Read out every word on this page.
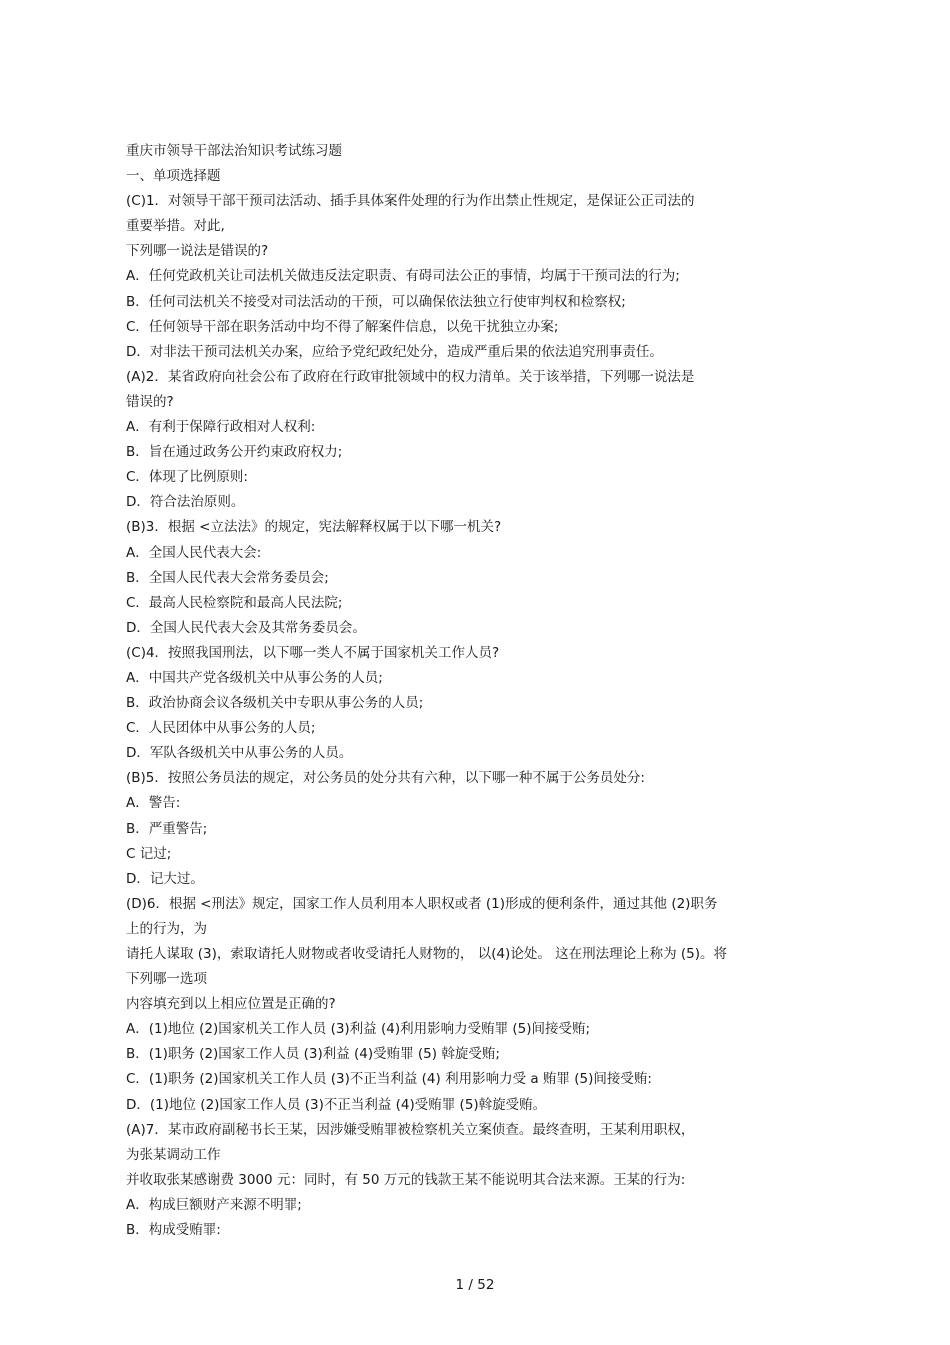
重庆市领导干部法治知识考试练习题
一、单项选择题
(C)1．对领导干部干预司法活动、插手具体案件处理的行为作出禁止性规定，是保证公正司法的
重要举措。对此,
下列哪一说法是错误的?
A．任何党政机关让司法机关做违反法定职责、有碍司法公正的事情，均属于干预司法的行为;
B．任何司法机关不接受对司法活动的干预，可以确保依法独立行使审判权和检察权;
C．任何领导干部在职务活动中均不得了解案件信息，以免干扰独立办案;
D．对非法干预司法机关办案，应给予党纪政纪处分，造成严重后果的依法追究刑事责任。
(A)2．某省政府向社会公布了政府在行政审批领域中的权力清单。关于该举措，下列哪一说法是
错误的?
A．有利于保障行政相对人权利:
B．旨在通过政务公开约束政府权力;
C．体现了比例原则:
D．符合法治原则。
(B)3．根据 <立法法》的规定，宪法解释权属于以下哪一机关?
A．全国人民代表大会:
B．全国人民代表大会常务委员会;
C．最高人民检察院和最高人民法院;
D．全国人民代表大会及其常务委员会。
(C)4．按照我国刑法，以下哪一类人不属于国家机关工作人员?
A．中国共产党各级机关中从事公务的人员;
B．政治协商会议各级机关中专职从事公务的人员;
C．人民团体中从事公务的人员;
D．军队各级机关中从事公务的人员。
(B)5．按照公务员法的规定，对公务员的处分共有六种，以下哪一种不属于公务员处分:
A．警告:
B．严重警告;
C 记过;
D．记大过。
(D)6．根据 <刑法》规定，国家工作人员利用本人职权或者 (1)形成的便利条件，通过其他 (2)职务
上的行为，为
请托人谋取 (3)，索取请托人财物或者收受请托人财物的， 以(4)论处。 这在刑法理论上称为 (5)。将
下列哪一选项
内容填充到以上相应位置是正确的?
A．(1)地位 (2)国家机关工作人员 (3)利益 (4)利用影响力受贿罪 (5)间接受贿;
B．(1)职务 (2)国家工作人员 (3)利益 (4)受贿罪 (5) 斡旋受贿;
C．(1)职务 (2)国家机关工作人员 (3)不正当利益 (4) 利用影响力受 a 贿罪 (5)间接受贿:
D．(1)地位 (2)国家工作人员 (3)不正当利益 (4)受贿罪 (5)斡旋受贿。
(A)7．某市政府副秘书长王某，因涉嫌受贿罪被检察机关立案侦查。最终查明，王某利用职权，
为张某调动工作
并收取张某感谢费 3000 元：同时，有 50 万元的钱款王某不能说明其合法来源。王某的行为:
A．构成巨额财产来源不明罪;
B．构成受贿罪:
1 / 52
